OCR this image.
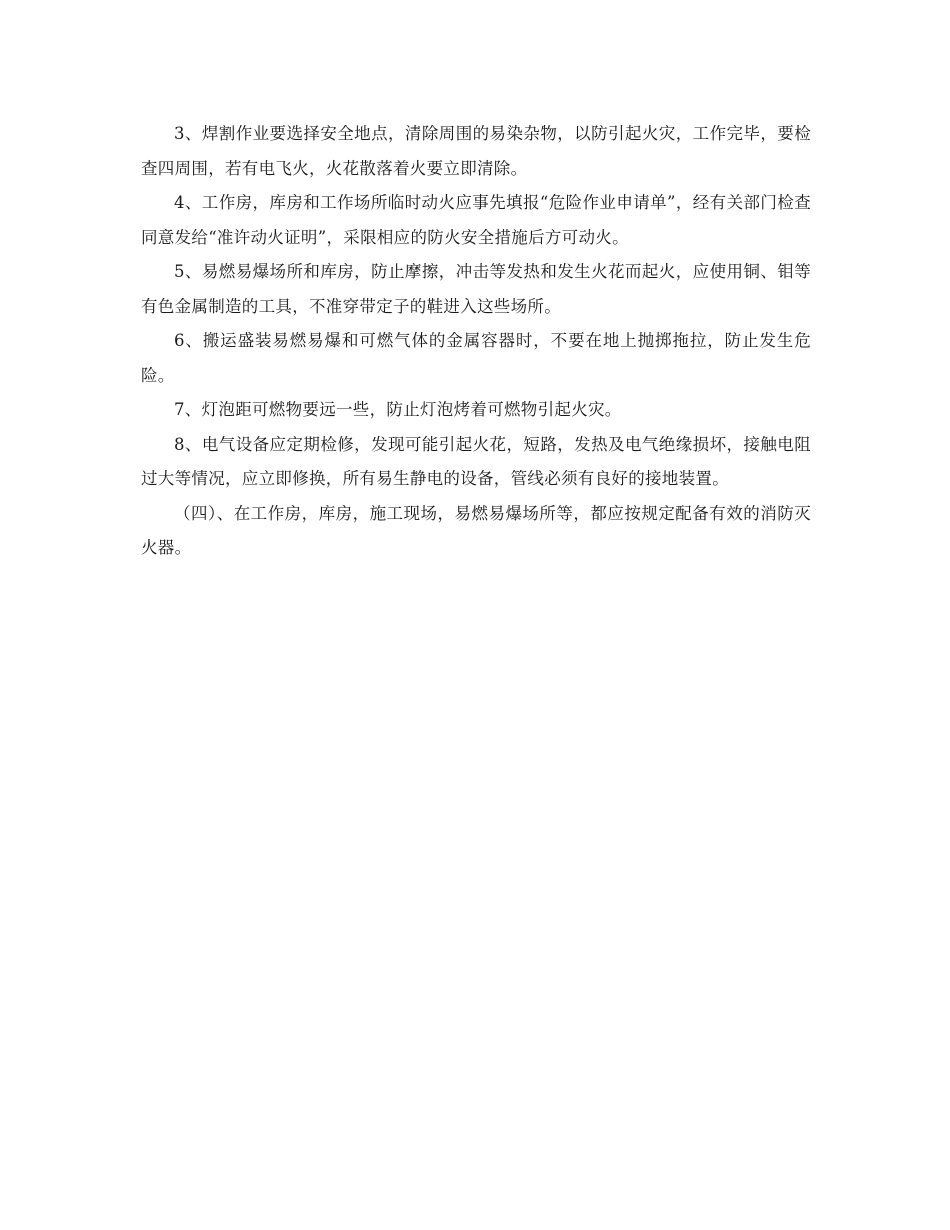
3、焊割作业要选择安全地点，清除周围的易染杂物，以防引起火灾，工作完毕，要检查四周围，若有电飞火，火花散落着火要立即清除。

4、工作房，库房和工作场所临时动火应事先填报“危险作业申请单”，经有关部门检查同意发给“准许动火证明”，采限相应的防火安全措施后方可动火。

5、易燃易爆场所和库房，防止摩擦，冲击等发热和发生火花而起火，应使用铜、钼等有色金属制造的工具，不准穿带定子的鞋进入这些场所。

6、搬运盛装易燃易爆和可燃气体的金属容器时，不要在地上抛掷拖拉，防止发生危险。

7、灯泡距可燃物要远一些，防止灯泡烤着可燃物引起火灾。

8、电气设备应定期检修，发现可能引起火花，短路，发热及电气绝缘损坏，接触电阻过大等情况，应立即修换，所有易生静电的设备，管线必须有良好的接地装置。

（四）、在工作房，库房，施工现场，易燃易爆场所等，都应按规定配备有效的消防灭火器。
